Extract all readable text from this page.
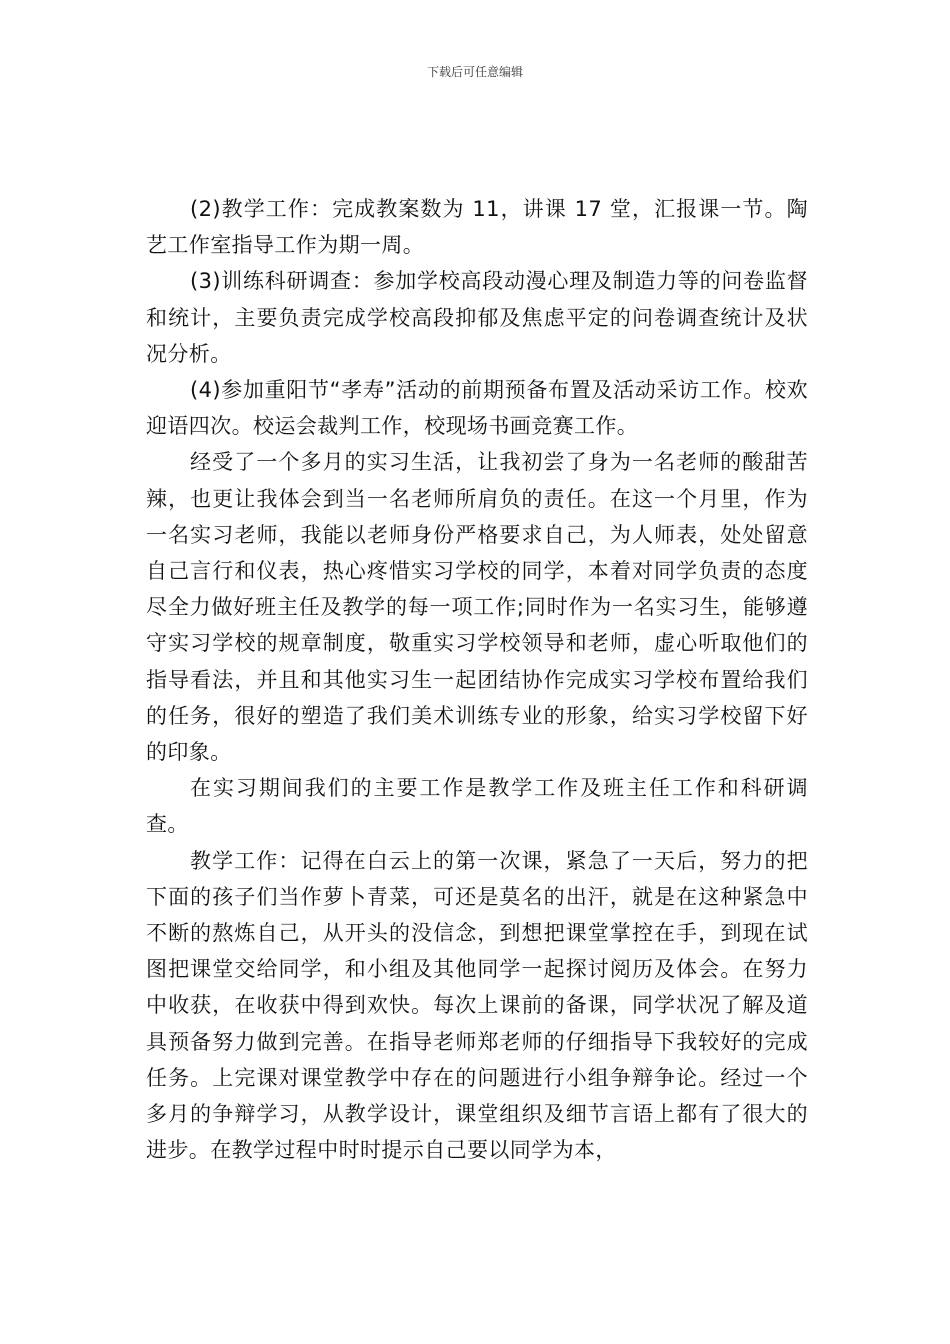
下载后可任意编辑

(2)教学工作：完成教案数为 11，讲课 17 堂，汇报课一节。陶艺工作室指导工作为期一周。

(3)训练科研调查：参加学校高段动漫心理及制造力等的问卷监督和统计，主要负责完成学校高段抑郁及焦虑平定的问卷调查统计及状况分析。

(4)参加重阳节“孝寿”活动的前期预备布置及活动采访工作。校欢迎语四次。校运会裁判工作，校现场书画竞赛工作。

经受了一个多月的实习生活，让我初尝了身为一名老师的酸甜苦辣，也更让我体会到当一名老师所肩负的责任。在这一个月里，作为一名实习老师，我能以老师身份严格要求自己，为人师表，处处留意自己言行和仪表，热心疼惜实习学校的同学，本着对同学负责的态度尽全力做好班主任及教学的每一项工作;同时作为一名实习生，能够遵守实习学校的规章制度，敬重实习学校领导和老师，虚心听取他们的指导看法，并且和其他实习生一起团结协作完成实习学校布置给我们的任务，很好的塑造了我们美术训练专业的形象，给实习学校留下好的印象。

在实习期间我们的主要工作是教学工作及班主任工作和科研调查。

教学工作：记得在白云上的第一次课，紧急了一天后，努力的把下面的孩子们当作萝卜青菜，可还是莫名的出汗，就是在这种紧急中不断的熬炼自己，从开头的没信念，到想把课堂掌控在手，到现在试图把课堂交给同学，和小组及其他同学一起探讨阅历及体会。在努力中收获，在收获中得到欢快。每次上课前的备课，同学状况了解及道具预备努力做到完善。在指导老师郑老师的仔细指导下我较好的完成任务。上完课对课堂教学中存在的问题进行小组争辩争论。经过一个多月的争辩学习，从教学设计，课堂组织及细节言语上都有了很大的进步。在教学过程中时时提示自己要以同学为本，
